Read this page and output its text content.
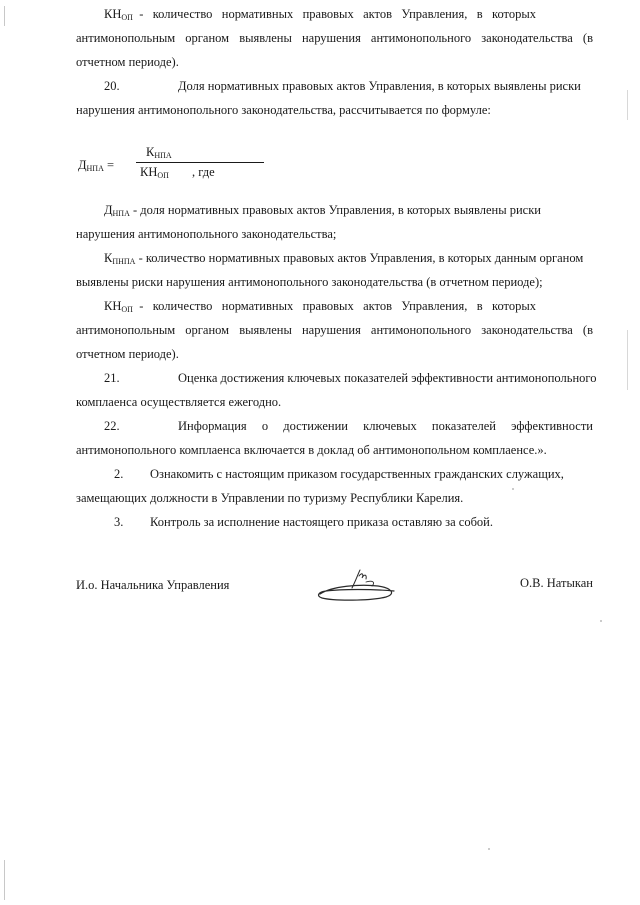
$КН_{ОП}$  -   количество   нормативных   правовых   актов   Управления,   в   которых
антимонопольным органом выявлены нарушения антимонопольного законодательства (в
отчетном периоде).
20.	Доля нормативных правовых актов Управления, в которых выявлены риски
нарушения антимонопольного законодательства, рассчитывается по формуле:
$Д_{НПА}$ =
$К_{НПА}$
$КН_{ОП}$ , где
$Д_{НПА}$ - доля нормативных правовых актов Управления, в которых выявлены риски
нарушения антимонопольного законодательства;
$К_{ПНПА}$ - количество нормативных правовых актов Управления, в которых данным органом
выявлены риски нарушения антимонопольного законодательства (в отчетном периоде);
$КН_{ОП}$  -   количество   нормативных   правовых   актов   Управления,   в   которых
антимонопольным органом выявлены нарушения антимонопольного законодательства (в
отчетном периоде).
21.	Оценка достижения ключевых показателей эффективности антимонопольного
комплаенса осуществляется ежегодно.
22.	Информация о достижении ключевых показателей эффективности
антимонопольного комплаенса включается в доклад об антимонопольном комплаенсе.».
2. Ознакомить с настоящим приказом государственных гражданских служащих,
замещающих должности в Управлении по туризму Республики Карелия.
3. Контроль за исполнение настоящего приказа оставляю за собой.
И.о. Начальника Управления	О.В. Натыкан
